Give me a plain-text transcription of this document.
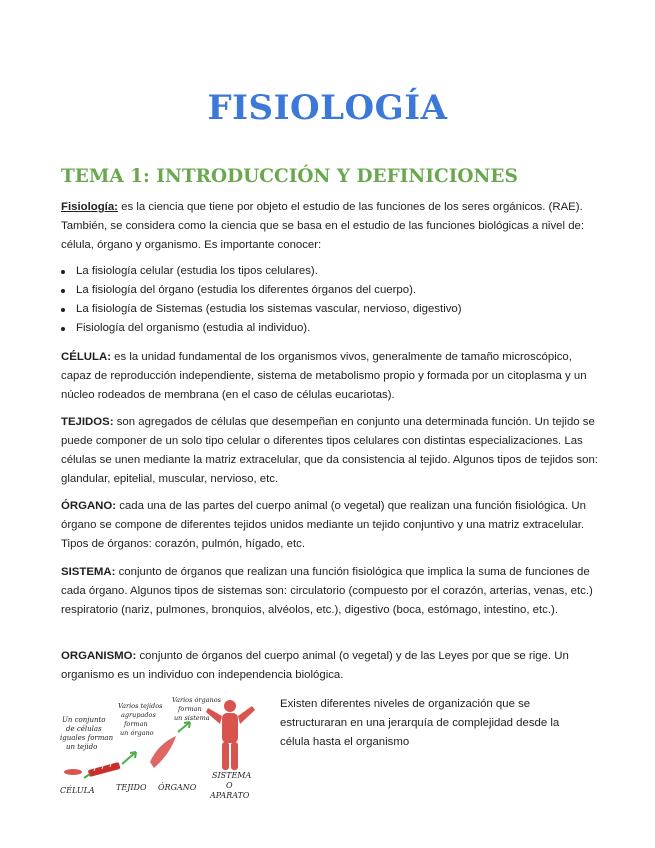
FISIOLOGÍA
TEMA 1: INTRODUCCIÓN Y DEFINICIONES
Fisiología: es la ciencia que tiene por objeto el estudio de las funciones de los seres orgánicos. (RAE). También, se considera como la ciencia que se basa en el estudio de las funciones biológicas a nivel de: célula, órgano y organismo. Es importante conocer:
La fisiología celular (estudia los tipos celulares).
La fisiología del órgano (estudia los diferentes órganos del cuerpo).
La fisiología de Sistemas (estudia los sistemas vascular, nervioso, digestivo)
Fisiología del organismo (estudia al individuo).
CÉLULA: es la unidad fundamental de los organismos vivos, generalmente de tamaño microscópico, capaz de reproducción independiente, sistema de metabolismo propio y formada por un citoplasma y un núcleo rodeados de membrana (en el caso de células eucariotas).
TEJIDOS: son agregados de células que desempeñan en conjunto una determinada función. Un tejido se puede componer de un solo tipo celular o diferentes tipos celulares con distintas especializaciones. Las células se unen mediante la matriz extracelular, que da consistencia al tejido. Algunos tipos de tejidos son: glandular, epitelial, muscular, nervioso, etc.
ÓRGANO: cada una de las partes del cuerpo animal (o vegetal) que realizan una función fisiológica. Un órgano se compone de diferentes tejidos unidos mediante un tejido conjuntivo y una matriz extracelular. Tipos de órganos: corazón, pulmón, hígado, etc.
SISTEMA: conjunto de órganos que realizan una función fisiológica que implica la suma de funciones de cada órgano. Algunos tipos de sistemas son: circulatorio (compuesto por el corazón, arterias, venas, etc.) respiratorio (nariz, pulmones, bronquios, alvéolos, etc.), digestivo (boca, estómago, intestino, etc.).
ORGANISMO: conjunto de órganos del cuerpo animal (o vegetal) y de las Leyes por que se rige. Un organismo es un individuo con independencia biológica.
Un conjunto de células iguales forman un tejido
Varios tejidos agrupados forman un órgano
Varios órganos forman un sistema
CÉLULA	TEJIDO ÓRGANO
SISTEMA
O
APARATO
Existen diferentes niveles de organización que se estructuraran en una jerarquía de complejidad desde la célula hasta el organismo
